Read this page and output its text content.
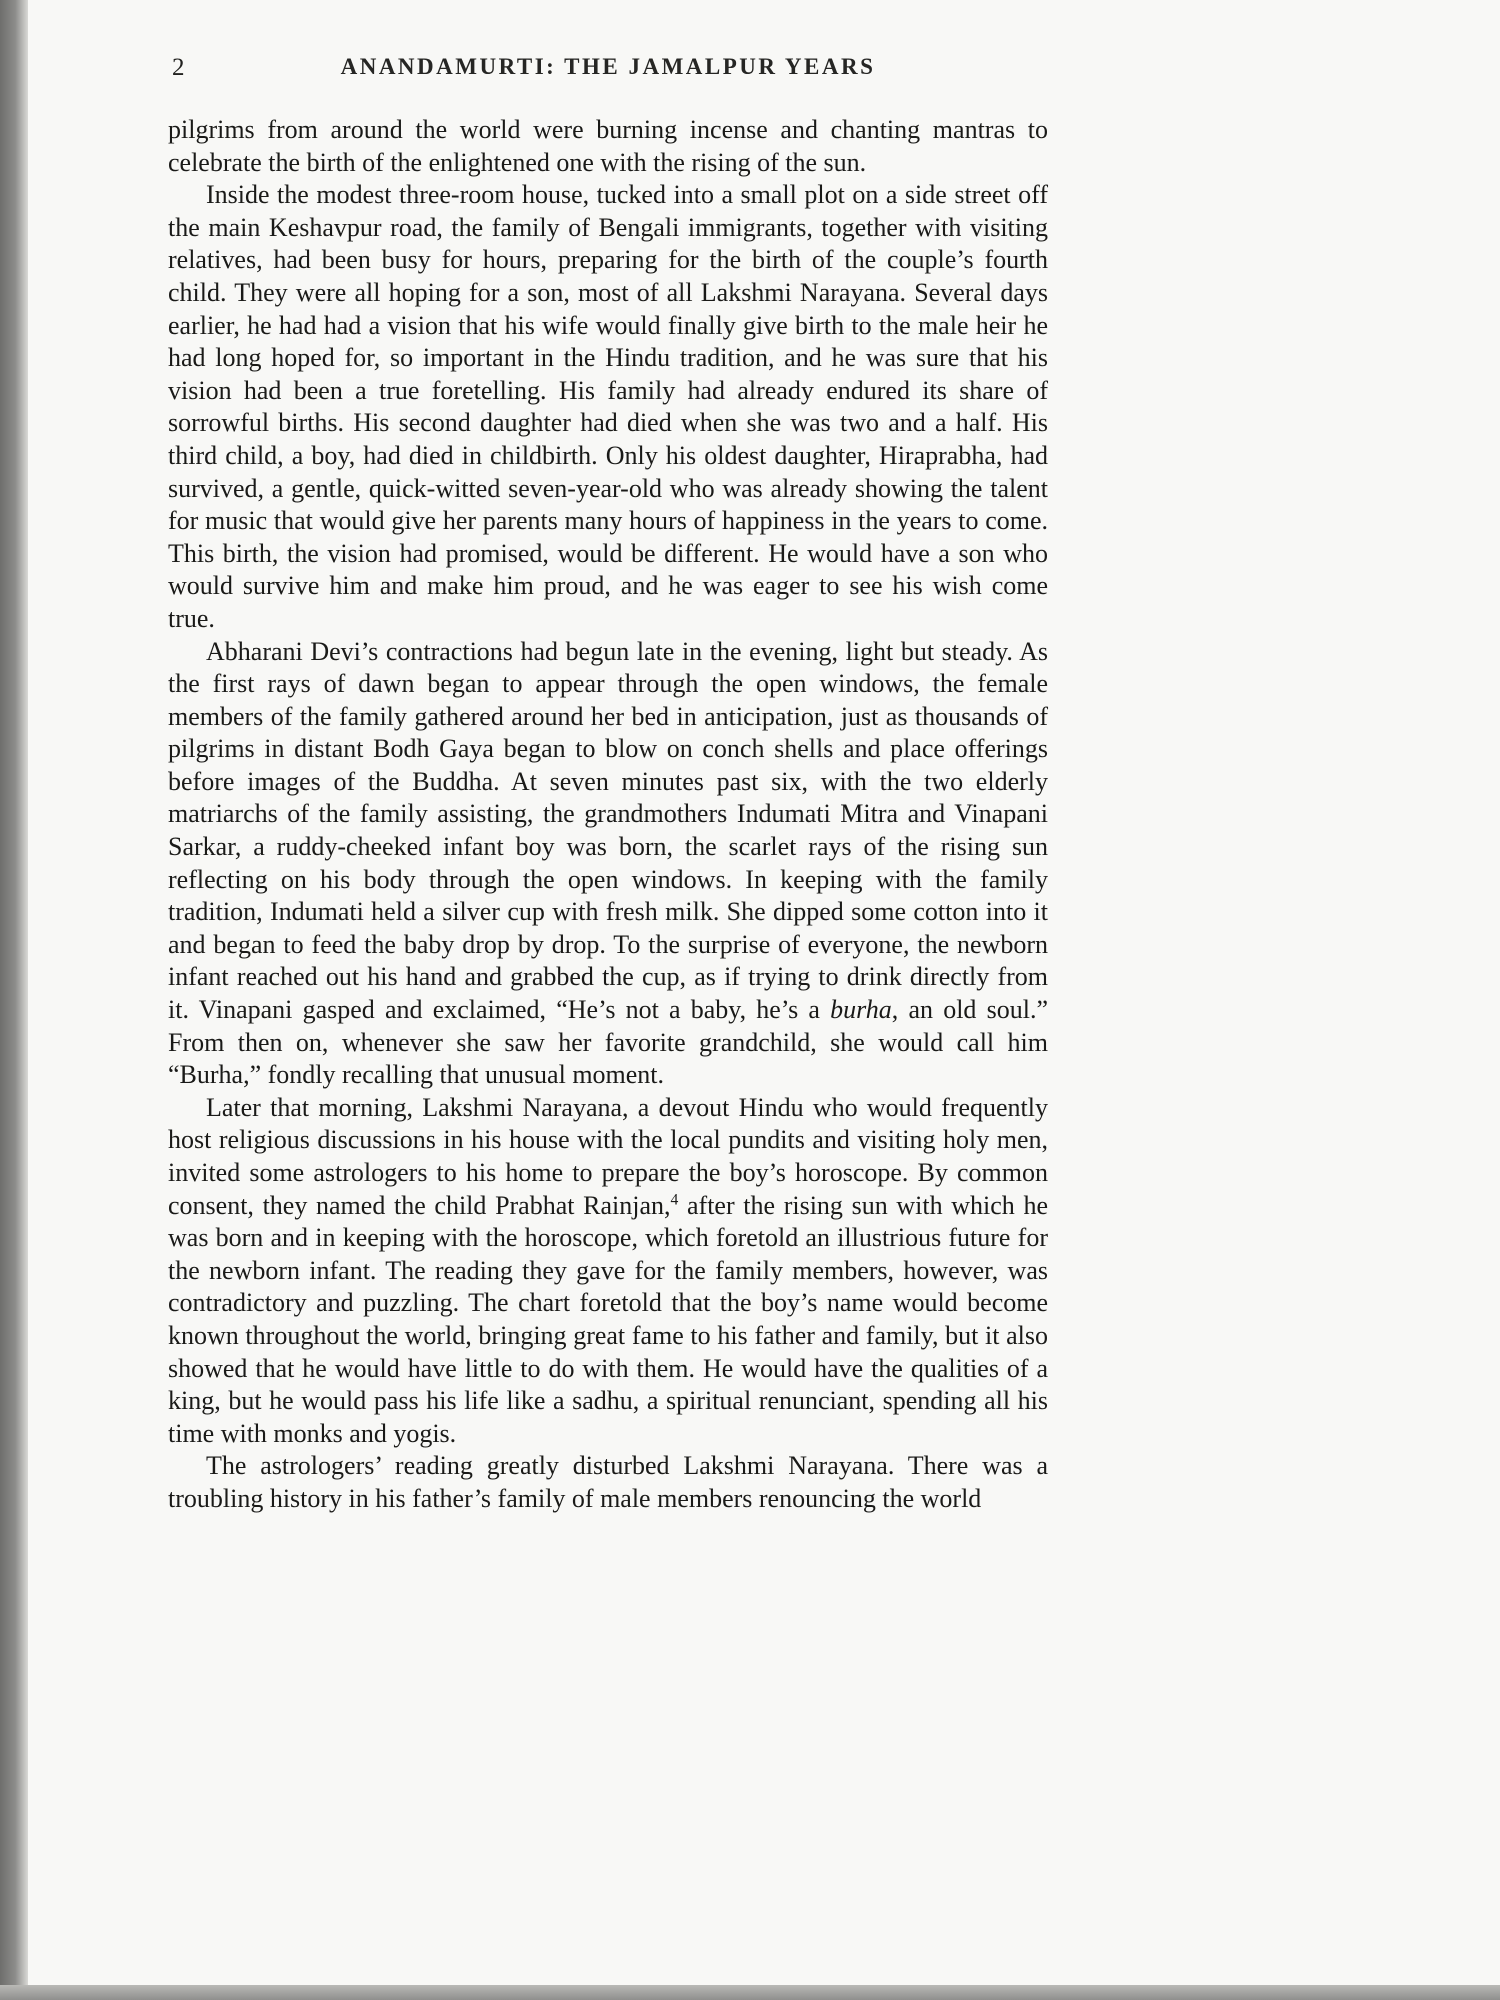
2	ANANDAMURTI: THE JAMALPUR YEARS

pilgrims from around the world were burning incense and chanting mantras to celebrate the birth of the enlightened one with the rising of the sun.

Inside the modest three-room house, tucked into a small plot on a side street off the main Keshavpur road, the family of Bengali immigrants, together with visiting relatives, had been busy for hours, preparing for the birth of the couple’s fourth child. They were all hoping for a son, most of all Lakshmi Narayana. Several days earlier, he had had a vision that his wife would finally give birth to the male heir he had long hoped for, so important in the Hindu tradition, and he was sure that his vision had been a true foretelling. His family had already endured its share of sorrowful births. His second daughter had died when she was two and a half. His third child, a boy, had died in childbirth. Only his oldest daughter, Hiraprabha, had survived, a gentle, quick-witted seven-year-old who was already showing the talent for music that would give her parents many hours of happiness in the years to come. This birth, the vision had promised, would be different. He would have a son who would survive him and make him proud, and he was eager to see his wish come true.

Abharani Devi’s contractions had begun late in the evening, light but steady. As the first rays of dawn began to appear through the open windows, the female members of the family gathered around her bed in anticipation, just as thousands of pilgrims in distant Bodh Gaya began to blow on conch shells and place offerings before images of the Buddha. At seven minutes past six, with the two elderly matriarchs of the family assisting, the grandmothers Indumati Mitra and Vinapani Sarkar, a ruddy-cheeked infant boy was born, the scarlet rays of the rising sun reflecting on his body through the open windows. In keeping with the family tradition, Indumati held a silver cup with fresh milk. She dipped some cotton into it and began to feed the baby drop by drop. To the surprise of everyone, the newborn infant reached out his hand and grabbed the cup, as if trying to drink directly from it. Vinapani gasped and exclaimed, “He’s not a baby, he’s a burha, an old soul.” From then on, whenever she saw her favorite grandchild, she would call him “Burha,” fondly recalling that unusual moment.

Later that morning, Lakshmi Narayana, a devout Hindu who would frequently host religious discussions in his house with the local pundits and visiting holy men, invited some astrologers to his home to prepare the boy’s horoscope. By common consent, they named the child Prabhat Rainjan,$^4$ after the rising sun with which he was born and in keeping with the horoscope, which foretold an illustrious future for the newborn infant. The reading they gave for the family members, however, was contradictory and puzzling. The chart foretold that the boy’s name would become known throughout the world, bringing great fame to his father and family, but it also showed that he would have little to do with them. He would have the qualities of a king, but he would pass his life like a sadhu, a spiritual renunciant, spending all his time with monks and yogis.

The astrologers’ reading greatly disturbed Lakshmi Narayana. There was a troubling history in his father’s family of male members renouncing the world
